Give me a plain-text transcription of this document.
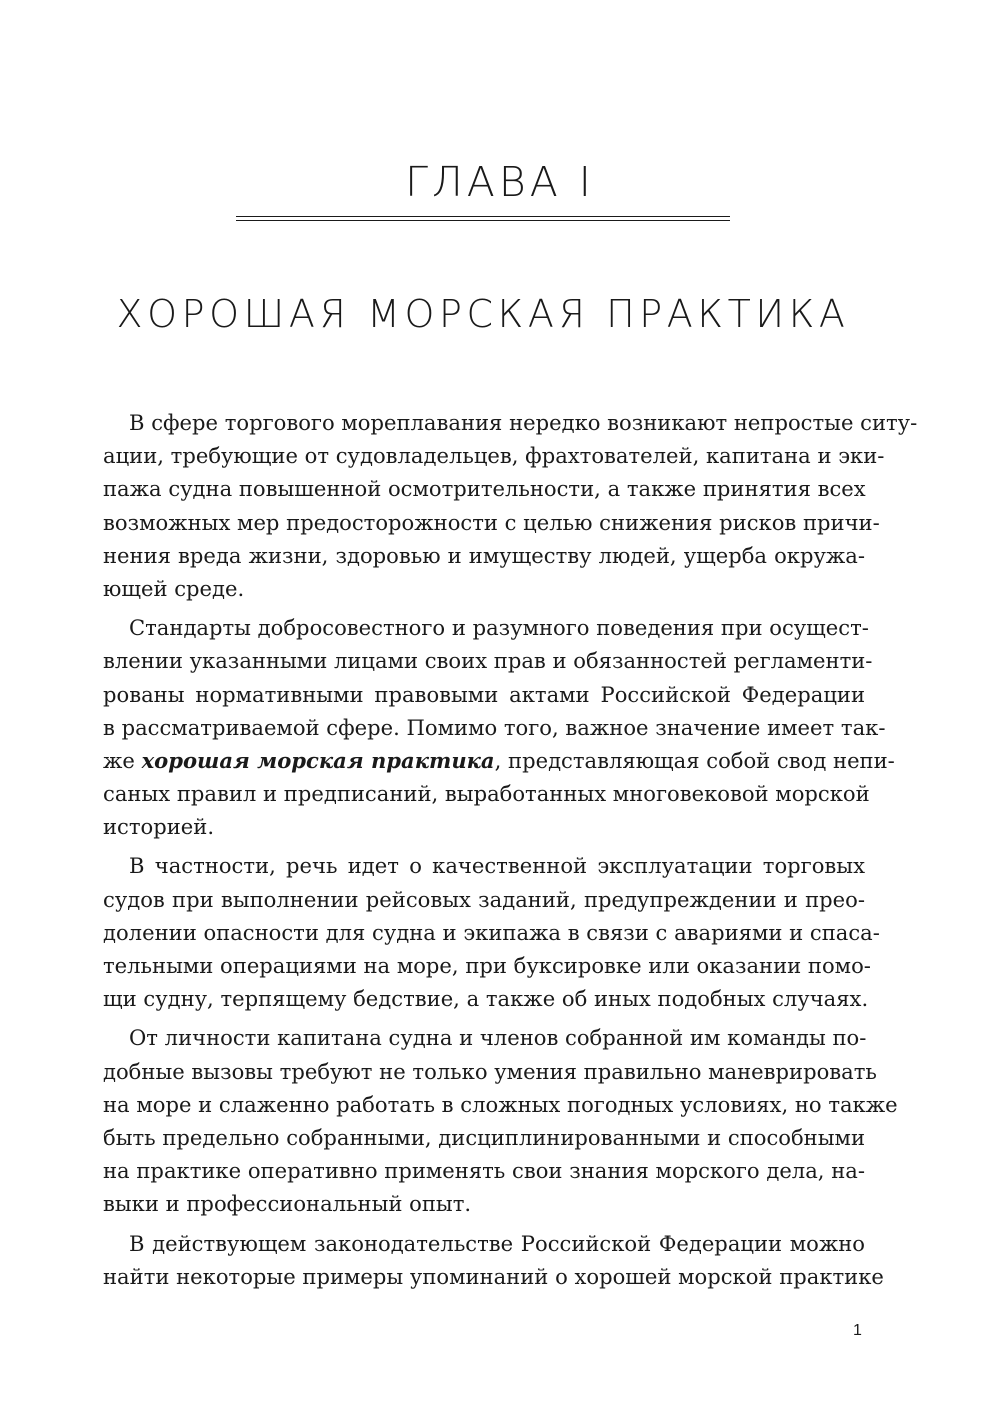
ГЛАВА I
ХОРОШАЯ МОРСКАЯ ПРАКТИКА
В сфере торгового мореплавания нередко возникают непростые ситу-
ации, требующие от судовладельцев, фрахтователей, капитана и эки-
пажа судна повышенной осмотрительности, а также принятия всех
возможных мер предосторожности с целью снижения рисков причи-
нения вреда жизни, здоровью и имуществу людей, ущерба окружа-
ющей среде.
Стандарты добросовестного и разумного поведения при осущест-
влении указанными лицами своих прав и обязанностей регламенти-
рованы нормативными правовыми актами Российской Федерации
в рассматриваемой сфере. Помимо того, важное значение имеет так-
же хорошая морская практика, представляющая собой свод непи-
саных правил и предписаний, выработанных многовековой морской
историей.
В частности, речь идет о качественной эксплуатации торговых
судов при выполнении рейсовых заданий, предупреждении и прео-
долении опасности для судна и экипажа в связи с авариями и спаса-
тельными операциями на море, при буксировке или оказании помо-
щи судну, терпящему бедствие, а также об иных подобных случаях.
От личности капитана судна и членов собранной им команды по-
добные вызовы требуют не только умения правильно маневрировать
на море и слаженно работать в сложных погодных условиях, но также
быть предельно собранными, дисциплинированными и способными
на практике оперативно применять свои знания морского дела, на-
выки и профессиональный опыт.
В действующем законодательстве Российской Федерации можно
найти некоторые примеры упоминаний о хорошей морской практике
1
